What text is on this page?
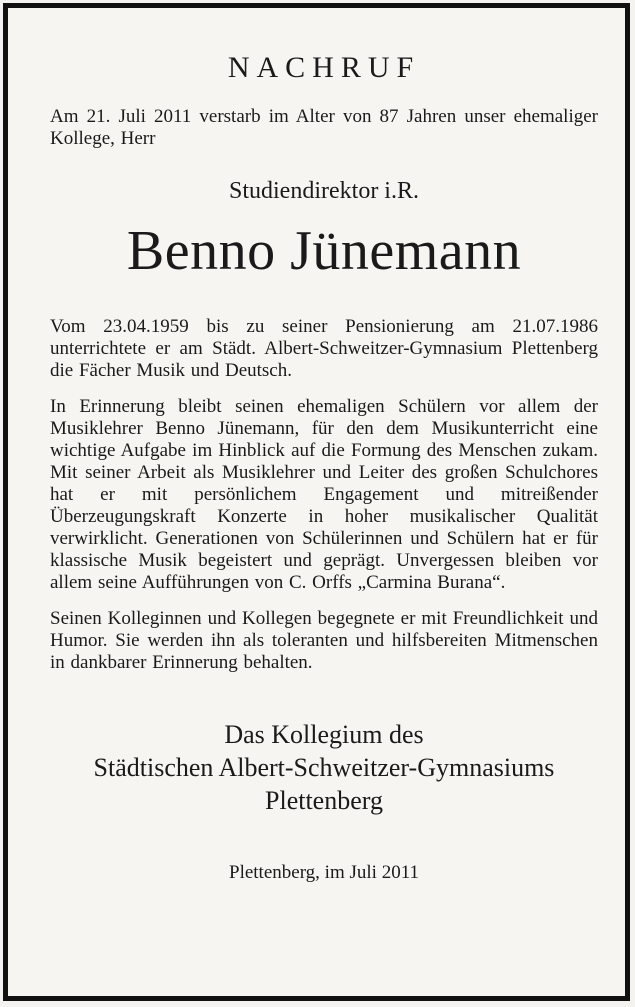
NACHRUF

Am 21. Juli 2011 verstarb im Alter von 87 Jahren unser ehemaliger Kollege, Herr

Studiendirektor i.R.
Benno Jünemann

Vom 23.04.1959 bis zu seiner Pensionierung am 21.07.1986 unterrichtete er am Städt. Albert-Schweitzer-Gymnasium Plettenberg die Fächer Musik und Deutsch.

In Erinnerung bleibt seinen ehemaligen Schülern vor allem der Musiklehrer Benno Jünemann, für den dem Musikunterricht eine wichtige Aufgabe im Hinblick auf die Formung des Menschen zukam. Mit seiner Arbeit als Musiklehrer und Leiter des großen Schulchores hat er mit persönlichem Engagement und mitreißender Überzeugungskraft Konzerte in hoher musikalischer Qualität verwirklicht. Generationen von Schülerinnen und Schülern hat er für klassische Musik begeistert und geprägt. Unvergessen bleiben vor allem seine Aufführungen von C. Orffs „Carmina Burana“.

Seinen Kolleginnen und Kollegen begegnete er mit Freundlichkeit und Humor. Sie werden ihn als toleranten und hilfsbereiten Mitmenschen in dankbarer Erinnerung behalten.

Das Kollegium des
Städtischen Albert-Schweitzer-Gymnasiums
Plettenberg
Plettenberg, im Juli 2011
